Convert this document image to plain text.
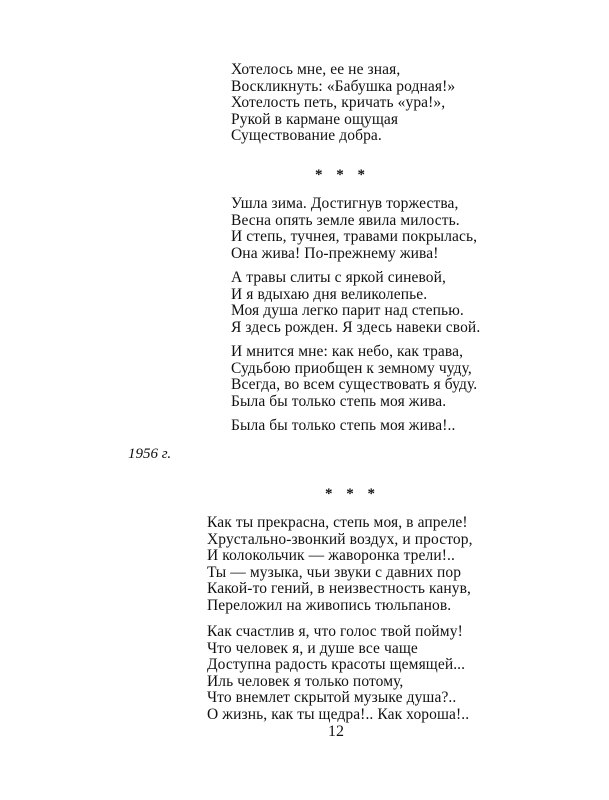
Хотелось мне, ее не зная,
Воскликнуть: «Бабушка родная!»
Хотелость петь, кричать «ура!»,
Рукой в кармане ощущая
Существование добра.
* * *
Ушла зима. Достигнув торжества,
Весна опять земле явила милость.
И степь, тучнея, травами покрылась,
Она жива! По-прежнему жива!
А травы слиты с яркой синевой,
И я вдыхаю дня великолепье.
Моя душа легко парит над степью.
Я здесь рожден. Я здесь навеки свой.
И мнится мне: как небо, как трава,
Судьбою приобщен к земному чуду,
Всегда, во всем существовать я буду.
Была бы только степь моя жива.
Была бы только степь моя жива!..
1956 г.
* * *
Как ты прекрасна, степь моя, в апреле!
Хрустально-звонкий воздух, и простор,
И колокольчик — жаворонка трели!..
Ты — музыка, чьи звуки с давних пор
Какой-то гений, в неизвестность канув,
Переложил на живопись тюльпанов.
Как счастлив я, что голос твой пойму!
Что человек я, и душе все чаще
Доступна радость красоты щемящей...
Иль человек я только потому,
Что внемлет скрытой музыке душа?..
О жизнь, как ты щедра!.. Как хороша!..
12
